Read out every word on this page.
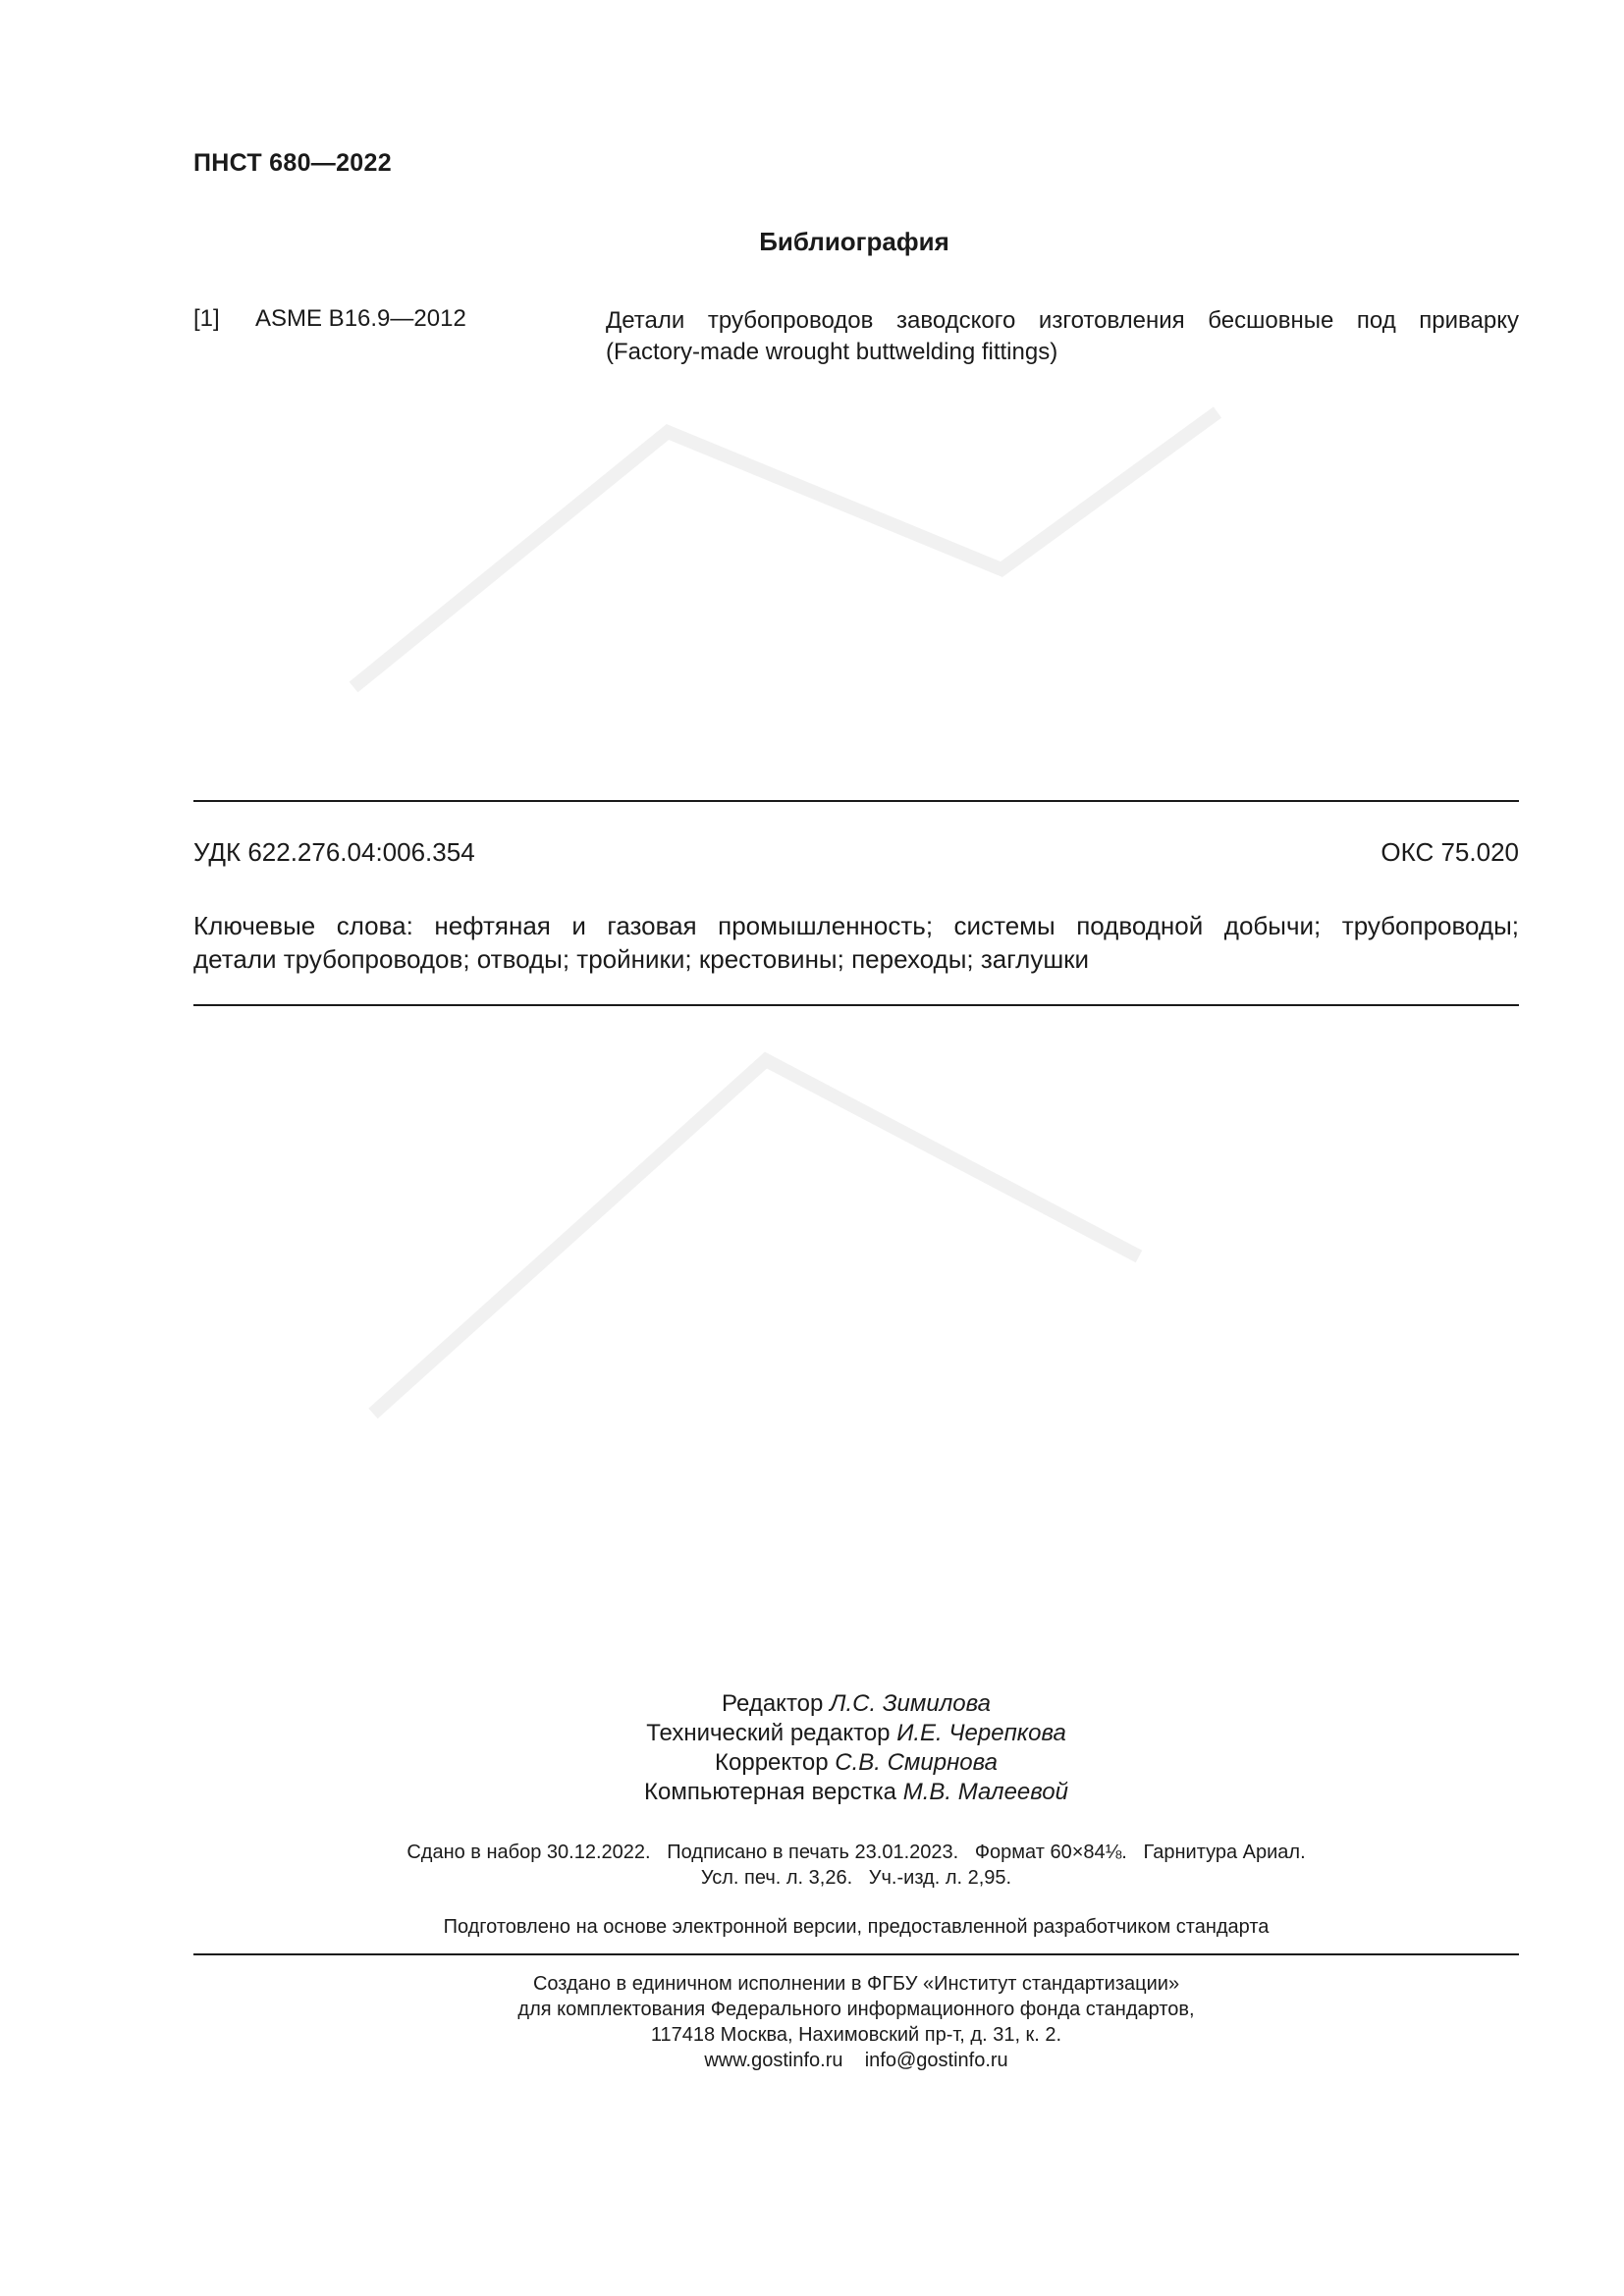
ПНСТ 680—2022
Библиография
[1] ASME B16.9—2012	Детали трубопроводов заводского изготовления бесшовные под приварку
(Factory-made wrought buttwelding fittings)
УДК 622.276.04:006.354	ОКС 75.020
Ключевые слова: нефтяная и газовая промышленность; системы подводной добычи; трубопроводы;
детали трубопроводов; отводы; тройники; крестовины; переходы; заглушки
Редактор Л.С. Зимилова
Технический редактор И.Е. Черепкова
Корректор С.В. Смирнова
Компьютерная верстка М.В. Малеевой
Сдано в набор 30.12.2022.   Подписано в печать 23.01.2023.   Формат 60×84⅛.   Гарнитура Ариал.
Усл. печ. л. 3,26.   Уч.-изд. л. 2,95.
Подготовлено на основе электронной версии, предоставленной разработчиком стандарта
Создано в единичном исполнении в ФГБУ «Институт стандартизации»
для комплектования Федерального информационного фонда стандартов,
117418 Москва, Нахимовский пр-т, д. 31, к. 2.
www.gostinfo.ru    info@gostinfo.ru
